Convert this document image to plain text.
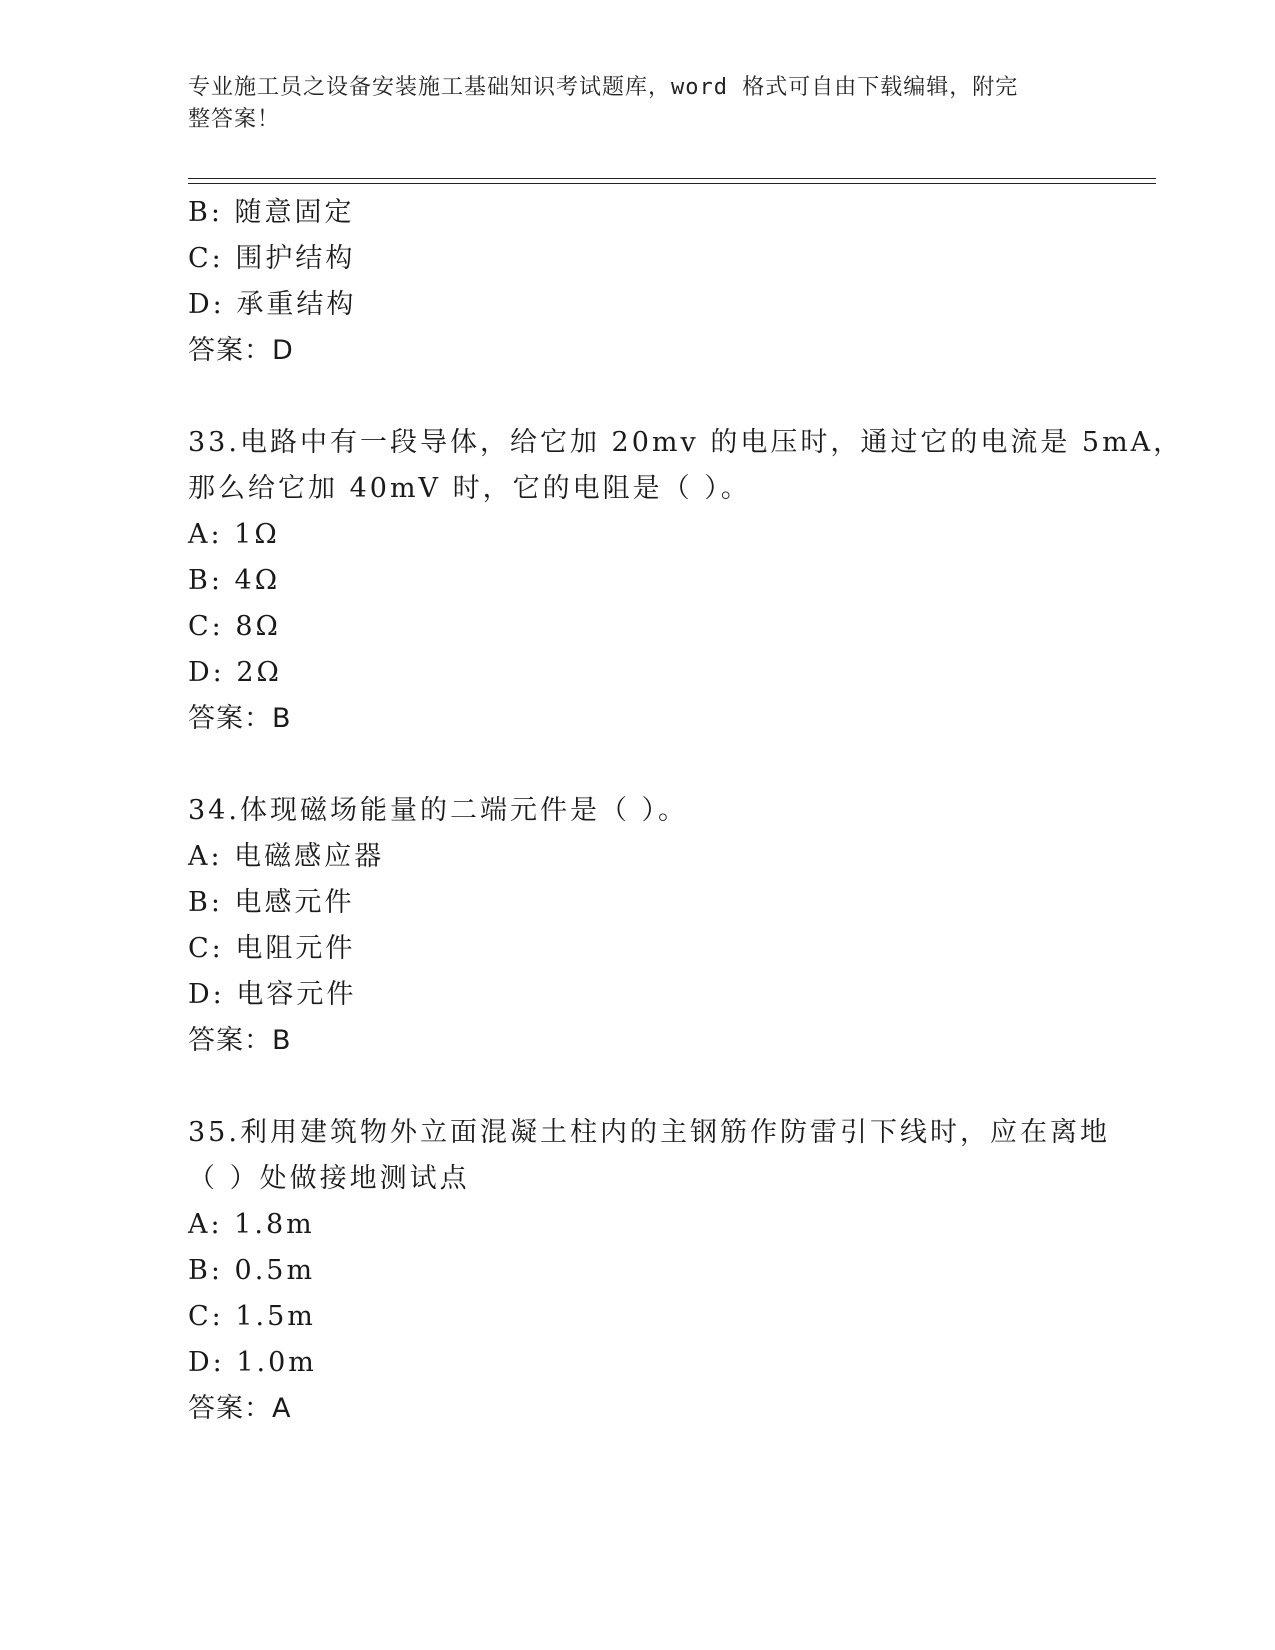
专业施工员之设备安装施工基础知识考试题库，word 格式可自由下载编辑，附完
整答案！
B: 随意固定
C: 围护结构
D: 承重结构
答案：D
33.电路中有一段导体，给它加 20mv 的电压时，通过它的电流是 5mA，
那么给它加 40mV 时，它的电阻是（ ）。
A: 1Ω
B: 4Ω
C: 8Ω
D: 2Ω
答案：B
34.体现磁场能量的二端元件是（ ）。
A: 电磁感应器
B: 电感元件
C: 电阻元件
D: 电容元件
答案：B
35.利用建筑物外立面混凝土柱内的主钢筋作防雷引下线时，应在离地
（ ）处做接地测试点
A: 1.8m
B: 0.5m
C: 1.5m
D: 1.0m
答案：A
